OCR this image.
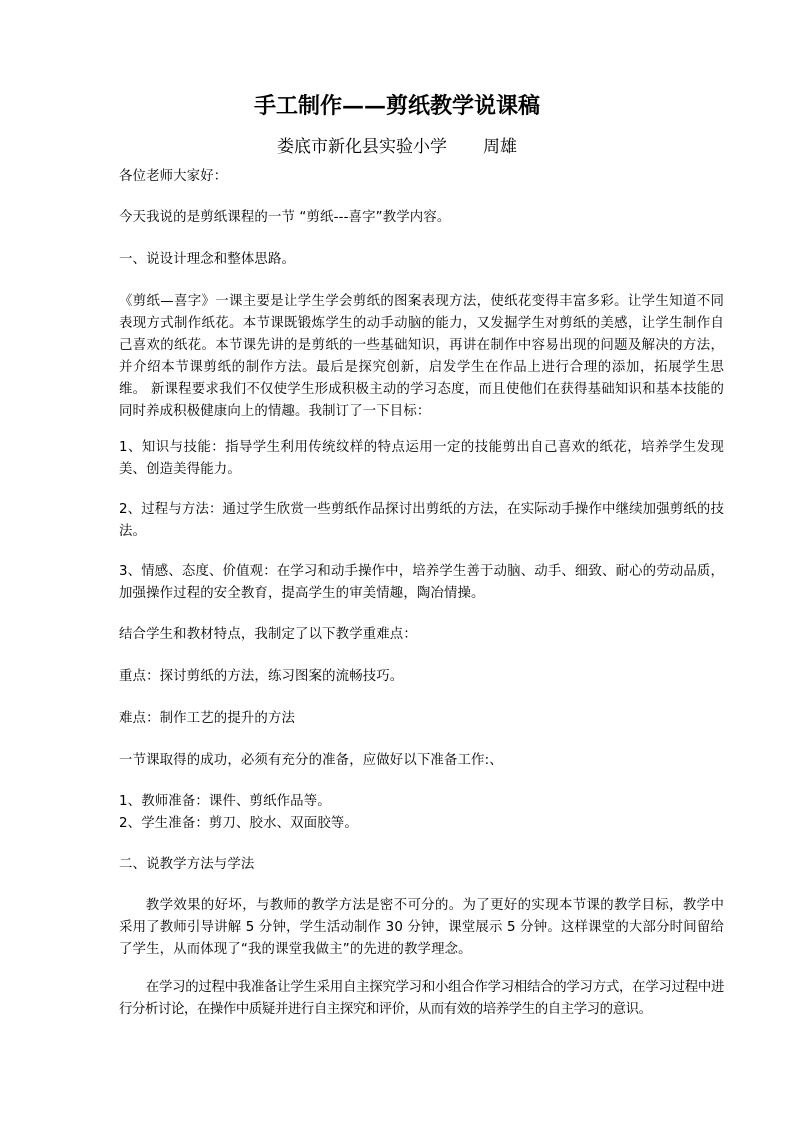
手工制作——剪纸教学说课稿
娄底市新化县实验小学 周雄
各位老师大家好：
今天我说的是剪纸课程的一节 “剪纸---喜字”教学内容。
一、说设计理念和整体思路。
《剪纸—喜字》一课主要是让学生学会剪纸的图案表现方法，使纸花变得丰富多彩。让学生知道不同表现方式制作纸花。本节课既锻炼学生的动手动脑的能力，又发掘学生对剪纸的美感，让学生制作自己喜欢的纸花。本节课先讲的是剪纸的一些基础知识，再讲在制作中容易出现的问题及解决的方法，并介绍本节课剪纸的制作方法。最后是探究创新，启发学生在作品上进行合理的添加，拓展学生思维。 新课程要求我们不仅使学生形成积极主动的学习态度，而且使他们在获得基础知识和基本技能的同时养成积极健康向上的情趣。我制订了一下目标：
1、知识与技能：指导学生利用传统纹样的特点运用一定的技能剪出自己喜欢的纸花，培养学生发现美、创造美得能力。
2、过程与方法：通过学生欣赏一些剪纸作品探讨出剪纸的方法，在实际动手操作中继续加强剪纸的技法。
3、情感、态度、价值观：在学习和动手操作中，培养学生善于动脑、动手、细致、耐心的劳动品质，加强操作过程的安全教育，提高学生的审美情趣，陶冶情操。
结合学生和教材特点，我制定了以下教学重难点：
重点：探讨剪纸的方法，练习图案的流畅技巧。
难点：制作工艺的提升的方法
一节课取得的成功，必须有充分的准备，应做好以下准备工作:、
1、教师准备：课件、剪纸作品等。
2、学生准备：剪刀、胶水、双面胶等。
二、说教学方法与学法
教学效果的好坏，与教师的教学方法是密不可分的。为了更好的实现本节课的教学目标，教学中采用了教师引导讲解 5 分钟，学生活动制作 30 分钟，课堂展示 5 分钟。这样课堂的大部分时间留给了学生，从而体现了“我的课堂我做主”的先进的教学理念。
在学习的过程中我准备让学生采用自主探究学习和小组合作学习相结合的学习方式，在学习过程中进行分析讨论，在操作中质疑并进行自主探究和评价，从而有效的培养学生的自主学习的意识。
